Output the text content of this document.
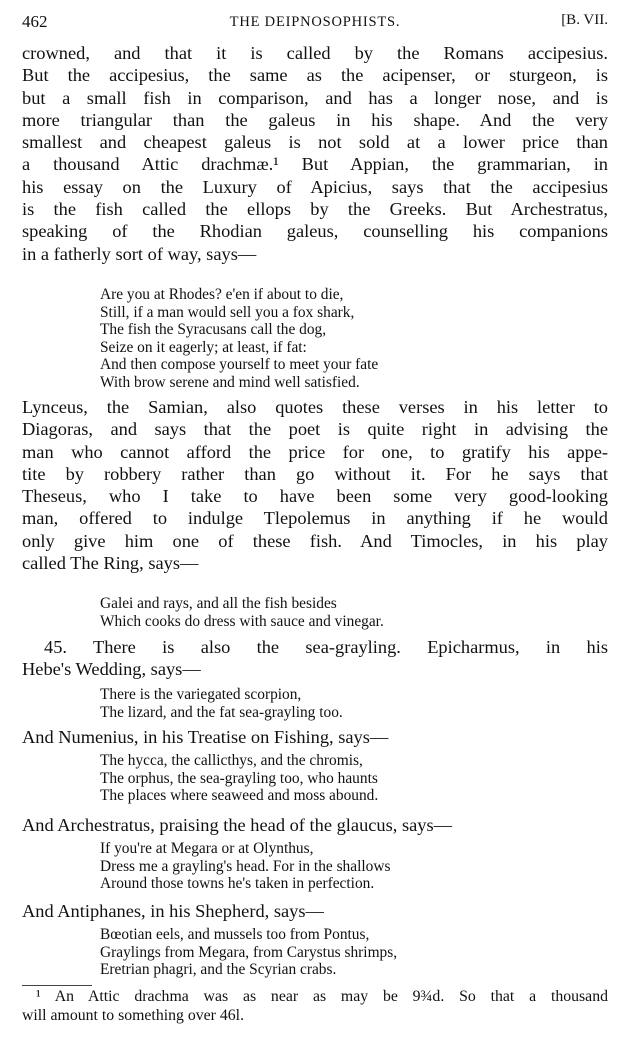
462	THE DEIPNOSOPHISTS.	[B. VII.
crowned, and that it is called by the Romans accipesius.
But the accipesius, the same as the acipenser, or sturgeon, is
but a small fish in comparison, and has a longer nose, and is
more triangular than the galeus in his shape. And the very
smallest and cheapest galeus is not sold at a lower price than
a thousand Attic drachmæ.¹ But Appian, the grammarian, in
his essay on the Luxury of Apicius, says that the accipesius
is the fish called the ellops by the Greeks. But Archestratus,
speaking of the Rhodian galeus, counselling his companions
in a fatherly sort of way, says—
Are you at Rhodes? e'en if about to die,
Still, if a man would sell you a fox shark,
The fish the Syracusans call the dog,
Seize on it eagerly; at least, if fat:
And then compose yourself to meet your fate
With brow serene and mind well satisfied.
Lynceus, the Samian, also quotes these verses in his letter to
Diagoras, and says that the poet is quite right in advising the
man who cannot afford the price for one, to gratify his appe-
tite by robbery rather than go without it. For he says that
Theseus, who I take to have been some very good-looking
man, offered to indulge Tlepolemus in anything if he would
only give him one of these fish. And Timocles, in his play
called The Ring, says—
Galei and rays, and all the fish besides
Which cooks do dress with sauce and vinegar.
45. There is also the sea-grayling. Epicharmus, in his
Hebe's Wedding, says—
There is the variegated scorpion,
The lizard, and the fat sea-grayling too.
And Numenius, in his Treatise on Fishing, says—
The hycca, the callicthys, and the chromis,
The orphus, the sea-grayling too, who haunts
The places where seaweed and moss abound.
And Archestratus, praising the head of the glaucus, says—
If you're at Megara or at Olynthus,
Dress me a grayling's head. For in the shallows
Around those towns he's taken in perfection.
And Antiphanes, in his Shepherd, says—
Bœotian eels, and mussels too from Pontus,
Graylings from Megara, from Carystus shrimps,
Eretrian phagri, and the Scyrian crabs.
¹ An Attic drachma was as near as may be 9¾d. So that a thousand
will amount to something over 46l.
